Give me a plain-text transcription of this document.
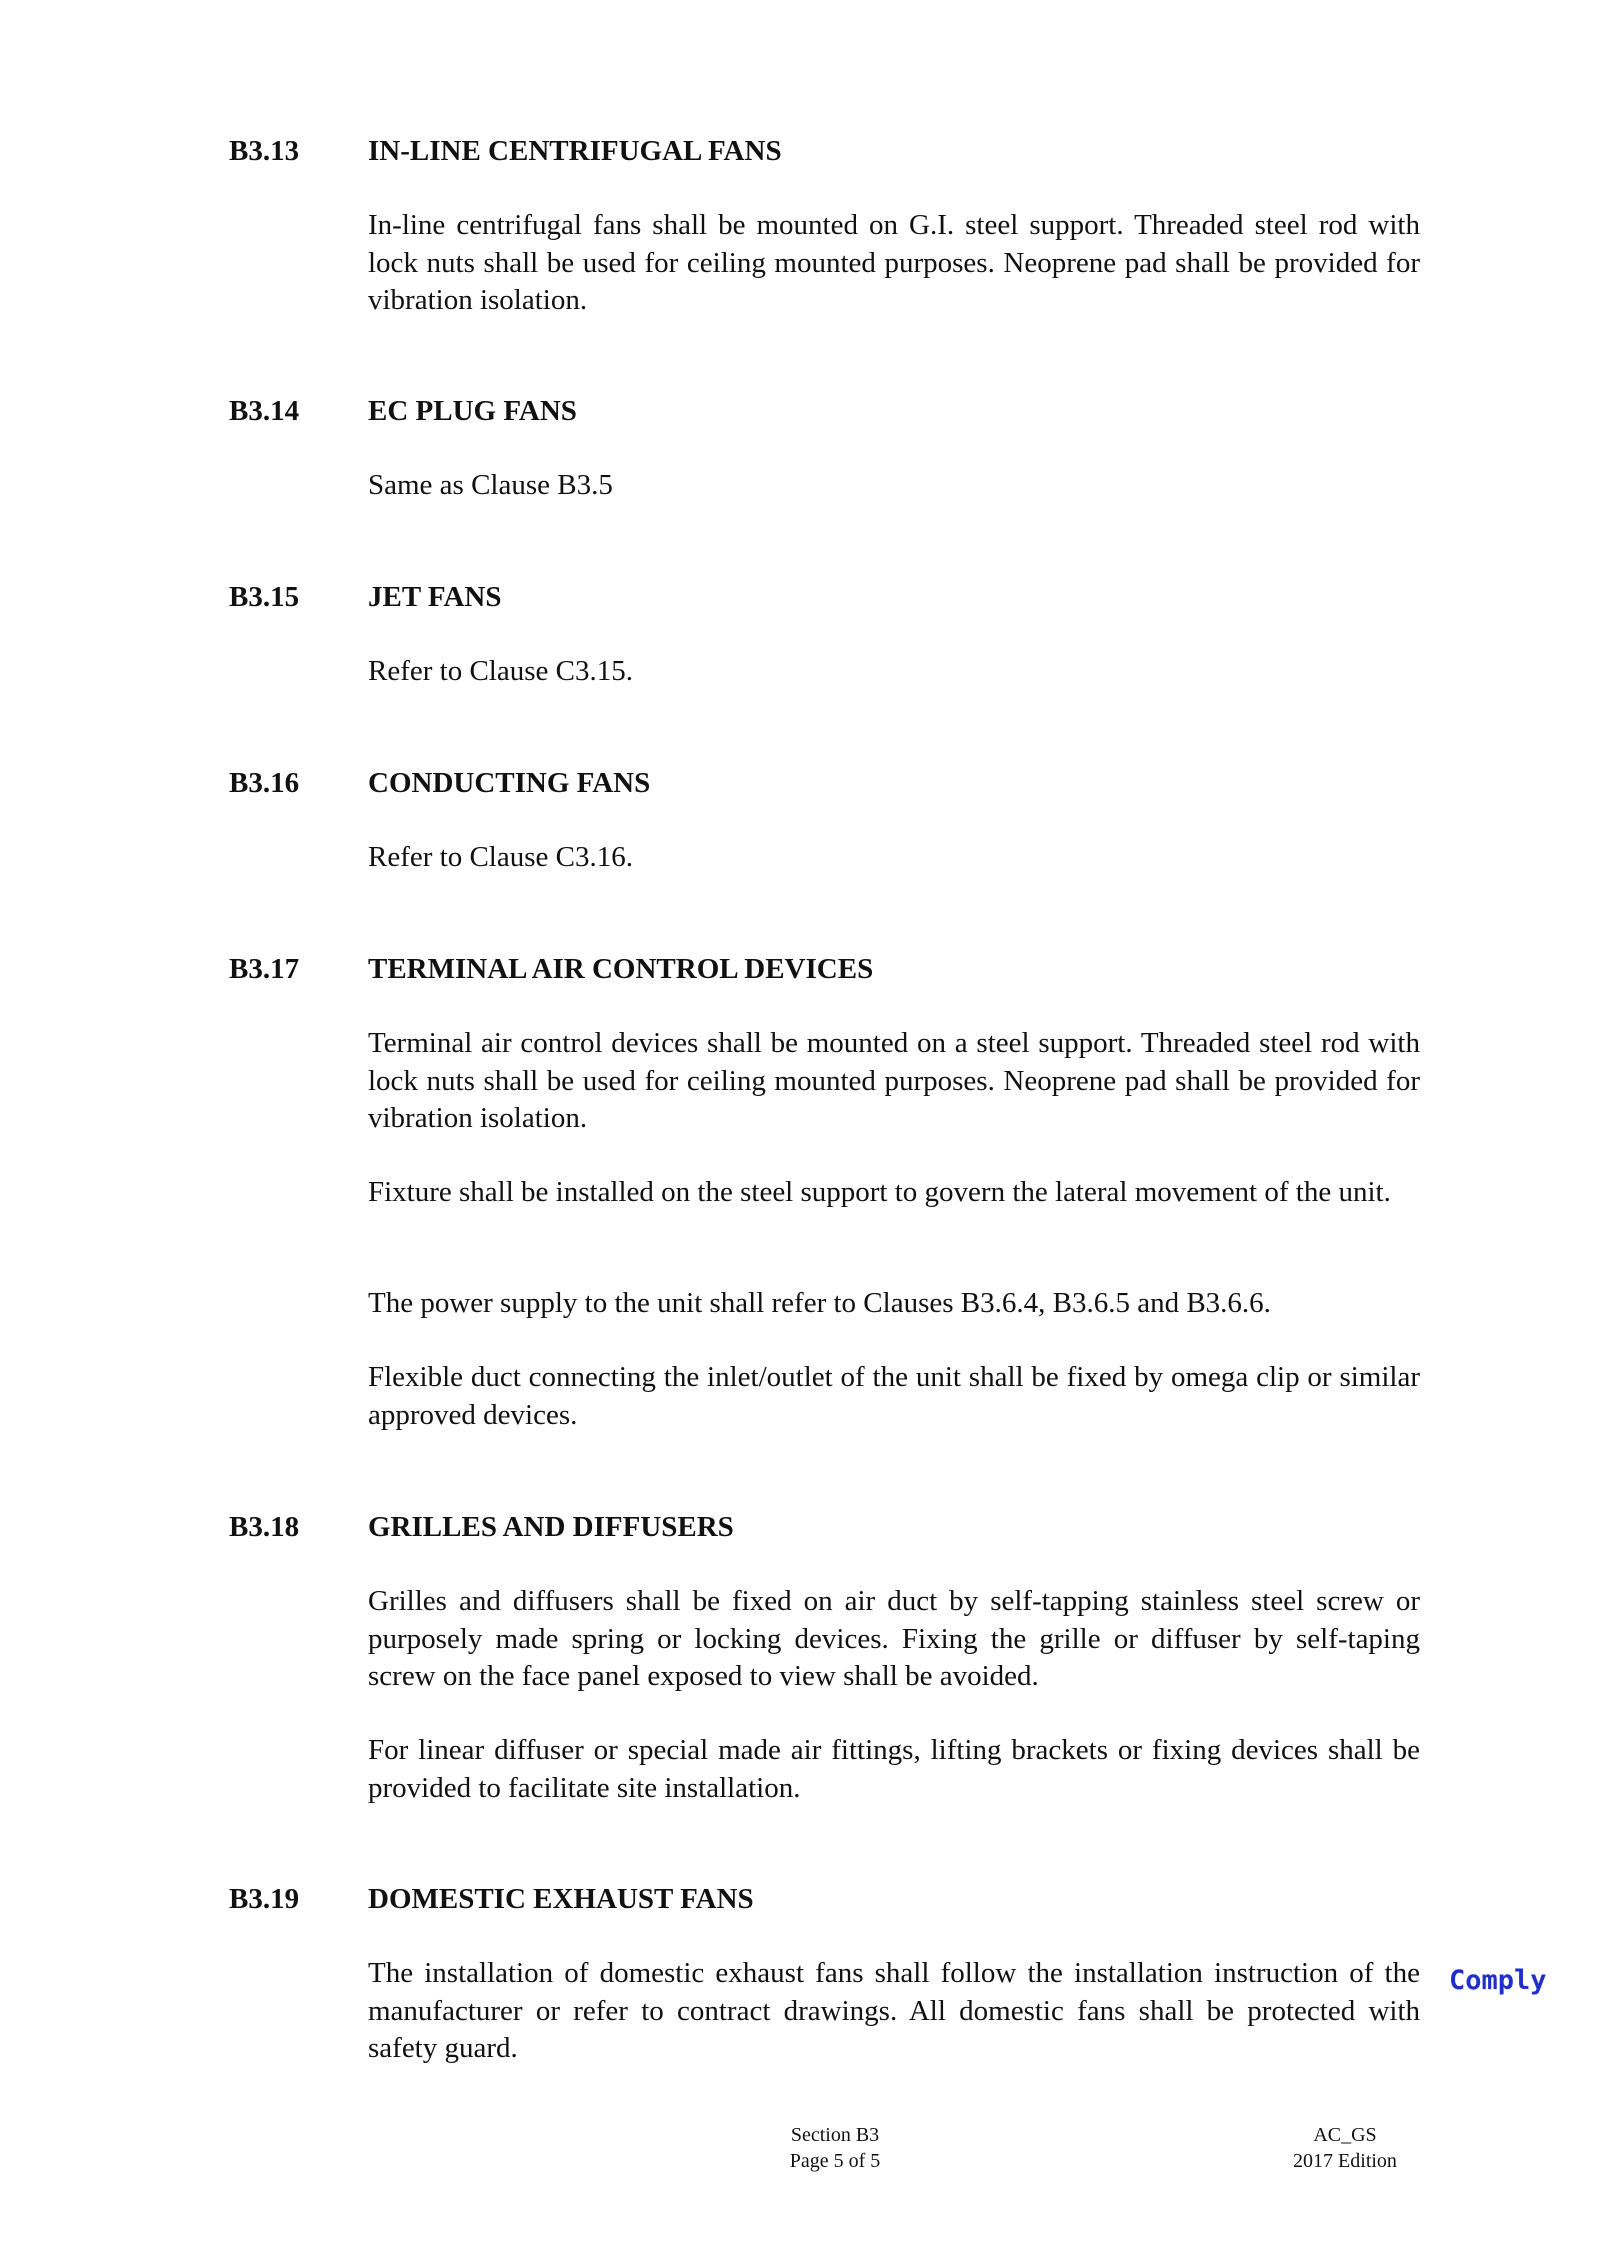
B3.13 IN-LINE CENTRIFUGAL FANS

In-line centrifugal fans shall be mounted on G.I. steel support. Threaded steel rod with lock nuts shall be used for ceiling mounted purposes. Neoprene pad shall be provided for vibration isolation.

B3.14 EC PLUG FANS

Same as Clause B3.5

B3.15 JET FANS

Refer to Clause C3.15.

B3.16 CONDUCTING FANS

Refer to Clause C3.16.

B3.17 TERMINAL AIR CONTROL DEVICES

Terminal air control devices shall be mounted on a steel support. Threaded steel rod with lock nuts shall be used for ceiling mounted purposes. Neoprene pad shall be provided for vibration isolation.

Fixture shall be installed on the steel support to govern the lateral movement of the unit.

The power supply to the unit shall refer to Clauses B3.6.4, B3.6.5 and B3.6.6.

Flexible duct connecting the inlet/outlet of the unit shall be fixed by omega clip or similar approved devices.

B3.18 GRILLES AND DIFFUSERS

Grilles and diffusers shall be fixed on air duct by self-tapping stainless steel screw or purposely made spring or locking devices. Fixing the grille or diffuser by self-taping screw on the face panel exposed to view shall be avoided.

For linear diffuser or special made air fittings, lifting brackets or fixing devices shall be provided to facilitate site installation.

B3.19 DOMESTIC EXHAUST FANS

The installation of domestic exhaust fans shall follow the installation instruction of the manufacturer or refer to contract drawings. All domestic fans shall be protected with safety guard.

Comply
Section B3
Page 5 of 5
AC_GS
2017 Edition
